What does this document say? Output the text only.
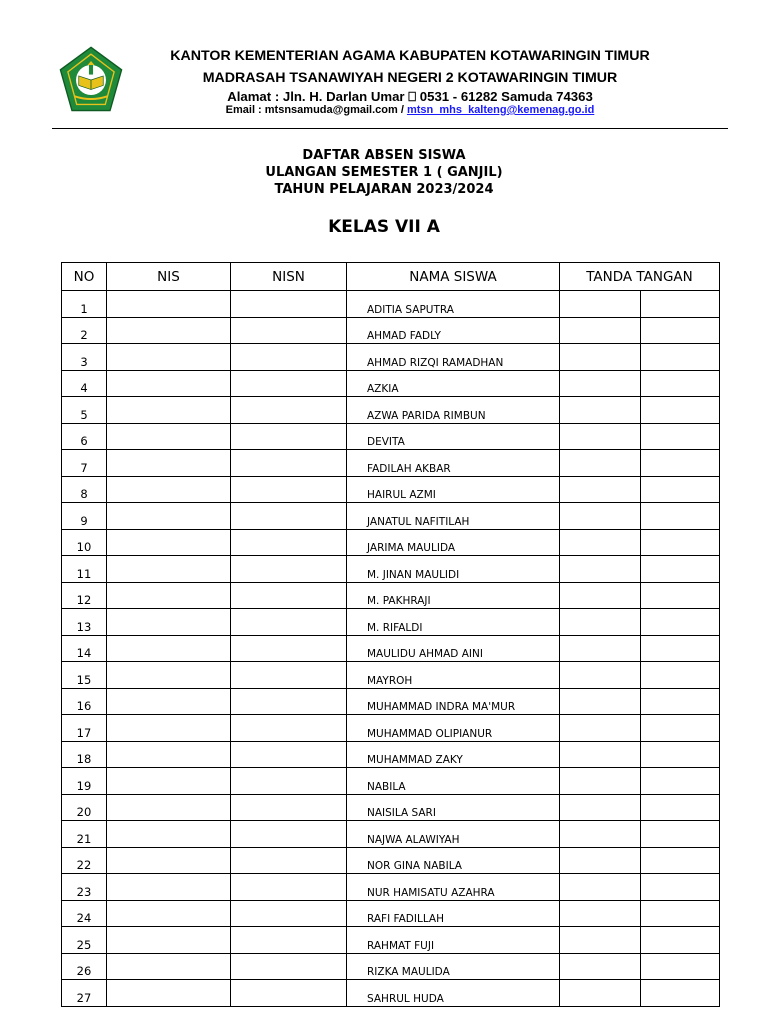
KANTOR KEMENTERIAN AGAMA KABUPATEN KOTAWARINGIN TIMUR
MADRASAH TSANAWIYAH NEGERI 2 KOTAWARINGIN TIMUR
Alamat : Jln. H. Darlan Umar ⎕ 0531 - 61282 Samuda 74363
Email : mtsnsamuda@gmail.com / mtsn_mhs_kalteng@kemenag.go.id
DAFTAR ABSEN SISWA
ULANGAN SEMESTER 1 ( GANJIL)
TAHUN PELAJARAN 2023/2024
KELAS VII A
NO	NIS	NISN	NAMA SISWA	TANDA TANGAN	
1			ADITIA SAPUTRA		
2			AHMAD FADLY		
3			AHMAD RIZQI RAMADHAN		
4			AZKIA		
5			AZWA PARIDA RIMBUN		
6			DEVITA		
7			FADILAH AKBAR		
8			HAIRUL AZMI		
9			JANATUL NAFITILAH		
10			JARIMA MAULIDA		
11			M. JINAN MAULIDI		
12			M. PAKHRAJI		
13			M. RIFALDI		
14			MAULIDU AHMAD AINI		
15			MAYROH		
16			MUHAMMAD INDRA MA'MUR		
17			MUHAMMAD OLIPIANUR		
18			MUHAMMAD ZAKY		
19			NABILA		
20			NAISILA SARI		
21			NAJWA ALAWIYAH		
22			NOR GINA NABILA		
23			NUR HAMISATU AZAHRA		
24			RAFI FADILLAH		
25			RAHMAT FUJI		
26			RIZKA MAULIDA		
27			SAHRUL HUDA		
